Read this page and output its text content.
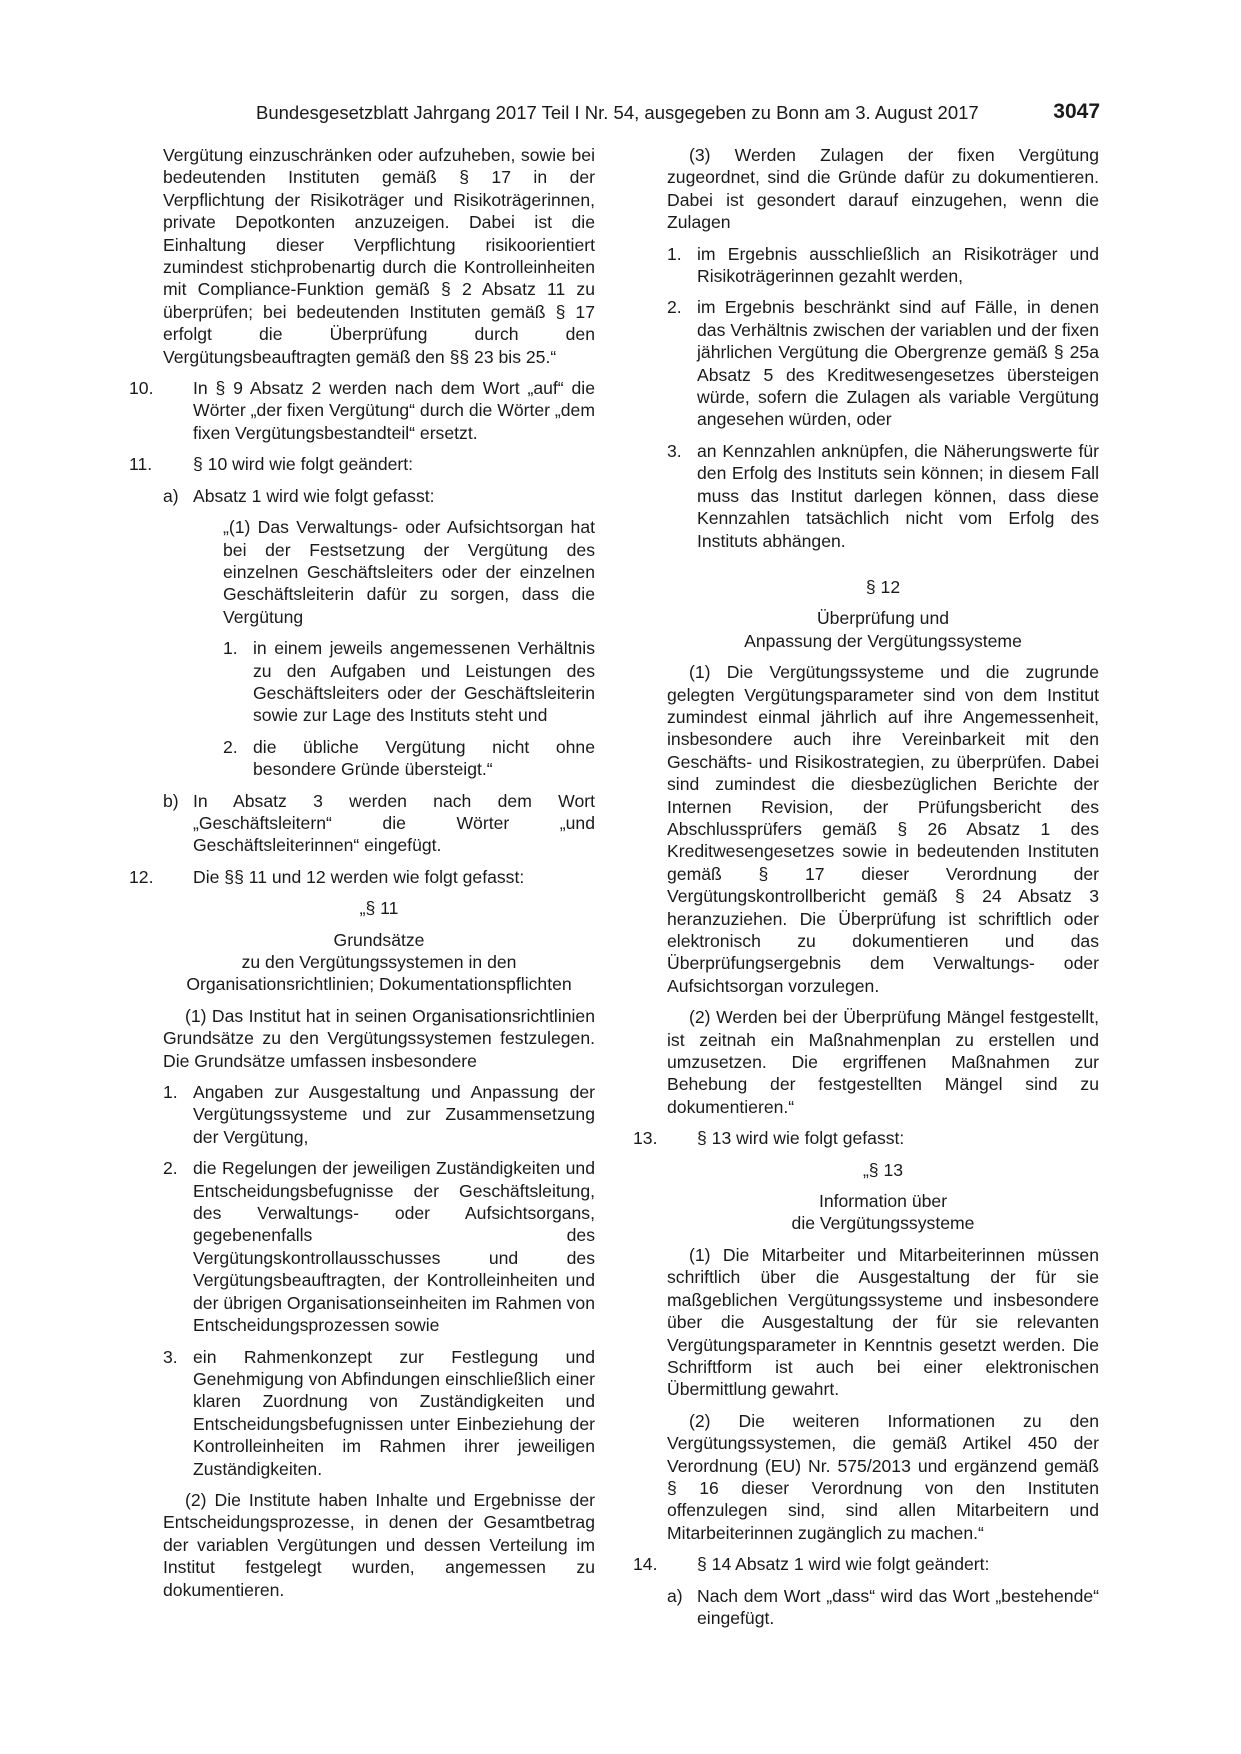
Bundesgesetzblatt Jahrgang 2017 Teil I Nr. 54, ausgegeben zu Bonn am 3. August 2017	3047

Vergütung einzuschränken oder aufzuheben, sowie bei bedeutenden Instituten gemäß § 17 in der Verpflichtung der Risikoträger und Risikoträgerinnen, private Depotkonten anzuzeigen. Dabei ist die Einhaltung dieser Verpflichtung risikoorientiert zumindest stichprobenartig durch die Kontrolleinheiten mit Compliance-Funktion gemäß § 2 Absatz 11 zu überprüfen; bei bedeutenden Instituten gemäß § 17 erfolgt die Überprüfung durch den Vergütungsbeauftragten gemäß den §§ 23 bis 25.“

10. In § 9 Absatz 2 werden nach dem Wort „auf“ die Wörter „der fixen Vergütung“ durch die Wörter „dem fixen Vergütungsbestandteil“ ersetzt.

11. § 10 wird wie folgt geändert:

a) Absatz 1 wird wie folgt gefasst:

„(1) Das Verwaltungs- oder Aufsichtsorgan hat bei der Festsetzung der Vergütung des einzelnen Geschäftsleiters oder der einzelnen Geschäftsleiterin dafür zu sorgen, dass die Vergütung

1. in einem jeweils angemessenen Verhältnis zu den Aufgaben und Leistungen des Geschäftsleiters oder der Geschäftsleiterin sowie zur Lage des Instituts steht und

2. die übliche Vergütung nicht ohne besondere Gründe übersteigt.“

b) In Absatz 3 werden nach dem Wort „Geschäftsleitern“ die Wörter „und Geschäftsleiterinnen“ eingefügt.

12. Die §§ 11 und 12 werden wie folgt gefasst:

„§ 11

Grundsätze

zu den Vergütungssystemen in den

Organisationsrichtlinien; Dokumentationspflichten

(1) Das Institut hat in seinen Organisationsrichtlinien Grundsätze zu den Vergütungssystemen festzulegen. Die Grundsätze umfassen insbesondere

1. Angaben zur Ausgestaltung und Anpassung der Vergütungssysteme und zur Zusammensetzung der Vergütung,

2. die Regelungen der jeweiligen Zuständigkeiten und Entscheidungsbefugnisse der Geschäftsleitung, des Verwaltungs- oder Aufsichtsorgans, gegebenenfalls des Vergütungskontrollausschusses und des Vergütungsbeauftragten, der Kontrolleinheiten und der übrigen Organisationseinheiten im Rahmen von Entscheidungsprozessen sowie

3. ein Rahmenkonzept zur Festlegung und Genehmigung von Abfindungen einschließlich einer klaren Zuordnung von Zuständigkeiten und Entscheidungsbefugnissen unter Einbeziehung der Kontrolleinheiten im Rahmen ihrer jeweiligen Zuständigkeiten.

(2) Die Institute haben Inhalte und Ergebnisse der Entscheidungsprozesse, in denen der Gesamtbetrag der variablen Vergütungen und dessen Verteilung im Institut festgelegt wurden, angemessen zu dokumentieren.

(3) Werden Zulagen der fixen Vergütung zugeordnet, sind die Gründe dafür zu dokumentieren. Dabei ist gesondert darauf einzugehen, wenn die Zulagen

1. im Ergebnis ausschließlich an Risikoträger und Risikoträgerinnen gezahlt werden,

2. im Ergebnis beschränkt sind auf Fälle, in denen das Verhältnis zwischen der variablen und der fixen jährlichen Vergütung die Obergrenze gemäß § 25a Absatz 5 des Kreditwesengesetzes übersteigen würde, sofern die Zulagen als variable Vergütung angesehen würden, oder

3. an Kennzahlen anknüpfen, die Näherungswerte für den Erfolg des Instituts sein können; in diesem Fall muss das Institut darlegen können, dass diese Kennzahlen tatsächlich nicht vom Erfolg des Instituts abhängen.

§ 12

Überprüfung und

Anpassung der Vergütungssysteme

(1) Die Vergütungssysteme und die zugrunde gelegten Vergütungsparameter sind von dem Institut zumindest einmal jährlich auf ihre Angemessenheit, insbesondere auch ihre Vereinbarkeit mit den Geschäfts- und Risikostrategien, zu überprüfen. Dabei sind zumindest die diesbezüglichen Berichte der Internen Revision, der Prüfungsbericht des Abschlussprüfers gemäß § 26 Absatz 1 des Kreditwesengesetzes sowie in bedeutenden Instituten gemäß § 17 dieser Verordnung der Vergütungskontrollbericht gemäß § 24 Absatz 3 heranzuziehen. Die Überprüfung ist schriftlich oder elektronisch zu dokumentieren und das Überprüfungsergebnis dem Verwaltungs- oder Aufsichtsorgan vorzulegen.

(2) Werden bei der Überprüfung Mängel festgestellt, ist zeitnah ein Maßnahmenplan zu erstellen und umzusetzen. Die ergriffenen Maßnahmen zur Behebung der festgestellten Mängel sind zu dokumentieren.“

13. § 13 wird wie folgt gefasst:

„§ 13

Information über

die Vergütungssysteme

(1) Die Mitarbeiter und Mitarbeiterinnen müssen schriftlich über die Ausgestaltung der für sie maßgeblichen Vergütungssysteme und insbesondere über die Ausgestaltung der für sie relevanten Vergütungsparameter in Kenntnis gesetzt werden. Die Schriftform ist auch bei einer elektronischen Übermittlung gewahrt.

(2) Die weiteren Informationen zu den Vergütungssystemen, die gemäß Artikel 450 der Verordnung (EU) Nr. 575/2013 und ergänzend gemäß § 16 dieser Verordnung von den Instituten offenzulegen sind, sind allen Mitarbeitern und Mitarbeiterinnen zugänglich zu machen.“

14. § 14 Absatz 1 wird wie folgt geändert:

a) Nach dem Wort „dass“ wird das Wort „bestehende“ eingefügt.
